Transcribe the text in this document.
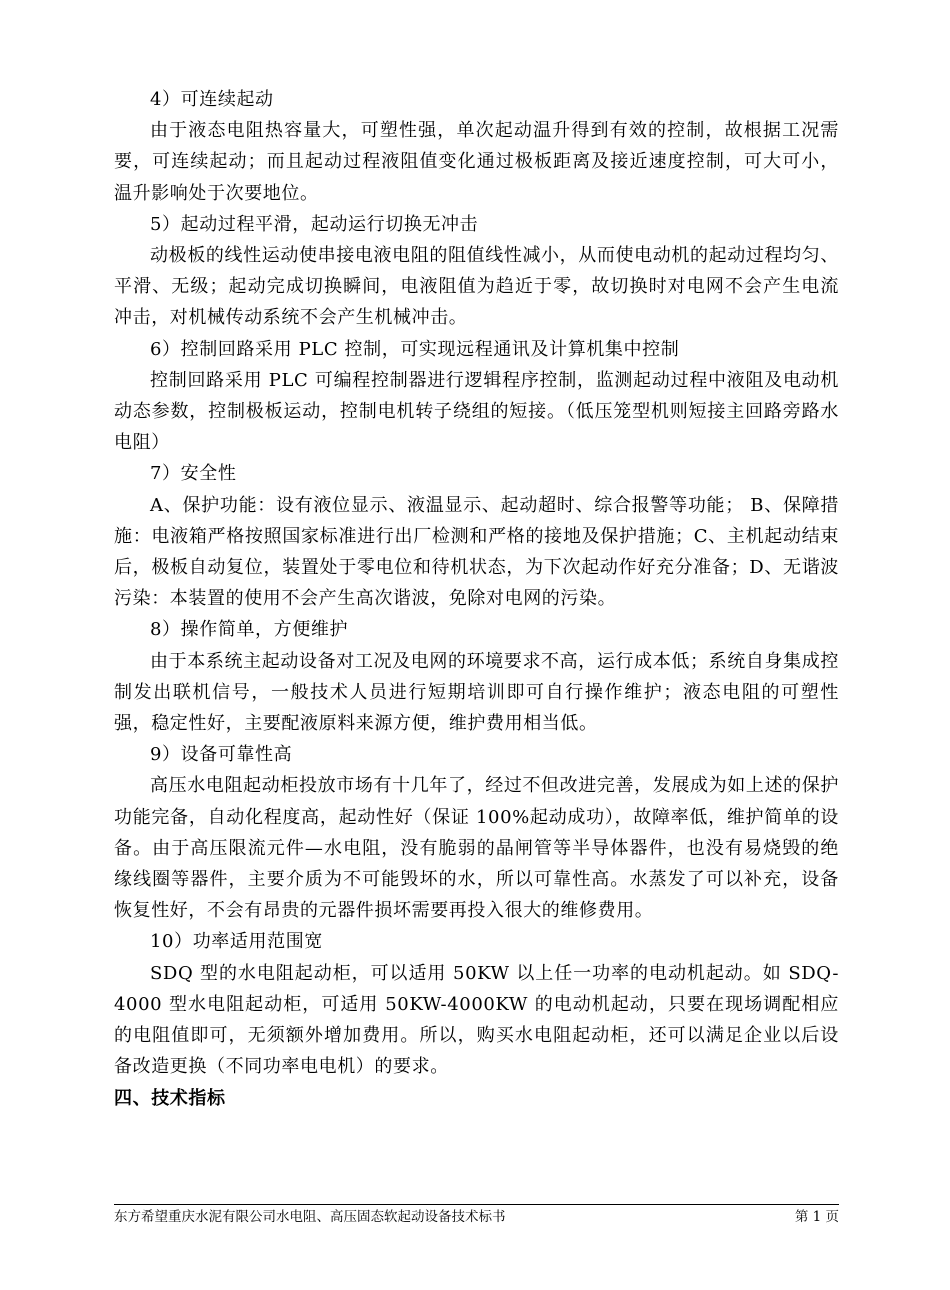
4）可连续起动

由于液态电阻热容量大，可塑性强，单次起动温升得到有效的控制，故根据工况需要，可连续起动；而且起动过程液阻值变化通过极板距离及接近速度控制，可大可小，温升影响处于次要地位。

5）起动过程平滑，起动运行切换无冲击

动极板的线性运动使串接电液电阻的阻值线性减小，从而使电动机的起动过程均匀、平滑、无级；起动完成切换瞬间，电液阻值为趋近于零，故切换时对电网不会产生电流冲击，对机械传动系统不会产生机械冲击。

6）控制回路采用 PLC 控制，可实现远程通讯及计算机集中控制

控制回路采用 PLC 可编程控制器进行逻辑程序控制，监测起动过程中液阻及电动机动态参数，控制极板运动，控制电机转子绕组的短接。（低压笼型机则短接主回路旁路水电阻）

7）安全性

A、保护功能：设有液位显示、液温显示、起动超时、综合报警等功能； B、保障措施：电液箱严格按照国家标准进行出厂检测和严格的接地及保护措施；C、主机起动结束后，极板自动复位，装置处于零电位和待机状态，为下次起动作好充分准备；D、无谐波污染：本装置的使用不会产生高次谐波，免除对电网的污染。

8）操作简单，方便维护

由于本系统主起动设备对工况及电网的环境要求不高，运行成本低；系统自身集成控制发出联机信号，一般技术人员进行短期培训即可自行操作维护；液态电阻的可塑性强，稳定性好，主要配液原料来源方便，维护费用相当低。

9）设备可靠性高

高压水电阻起动柜投放市场有十几年了，经过不但改进完善，发展成为如上述的保护功能完备，自动化程度高，起动性好（保证 100%起动成功），故障率低，维护简单的设备。由于高压限流元件—水电阻，没有脆弱的晶闸管等半导体器件，也没有易烧毁的绝缘线圈等器件，主要介质为不可能毁坏的水，所以可靠性高。水蒸发了可以补充，设备恢复性好，不会有昂贵的元器件损坏需要再投入很大的维修费用。

10）功率适用范围宽

SDQ 型的水电阻起动柜，可以适用 50KW 以上任一功率的电动机起动。如 SDQ-4000 型水电阻起动柜，可适用 50KW-4000KW 的电动机起动，只要在现场调配相应的电阻值即可，无须额外增加费用。所以，购买水电阻起动柜，还可以满足企业以后设备改造更换（不同功率电电机）的要求。

四、技术指标

东方希望重庆水泥有限公司水电阻、高压固态软起动设备技术标书	第 1 页
